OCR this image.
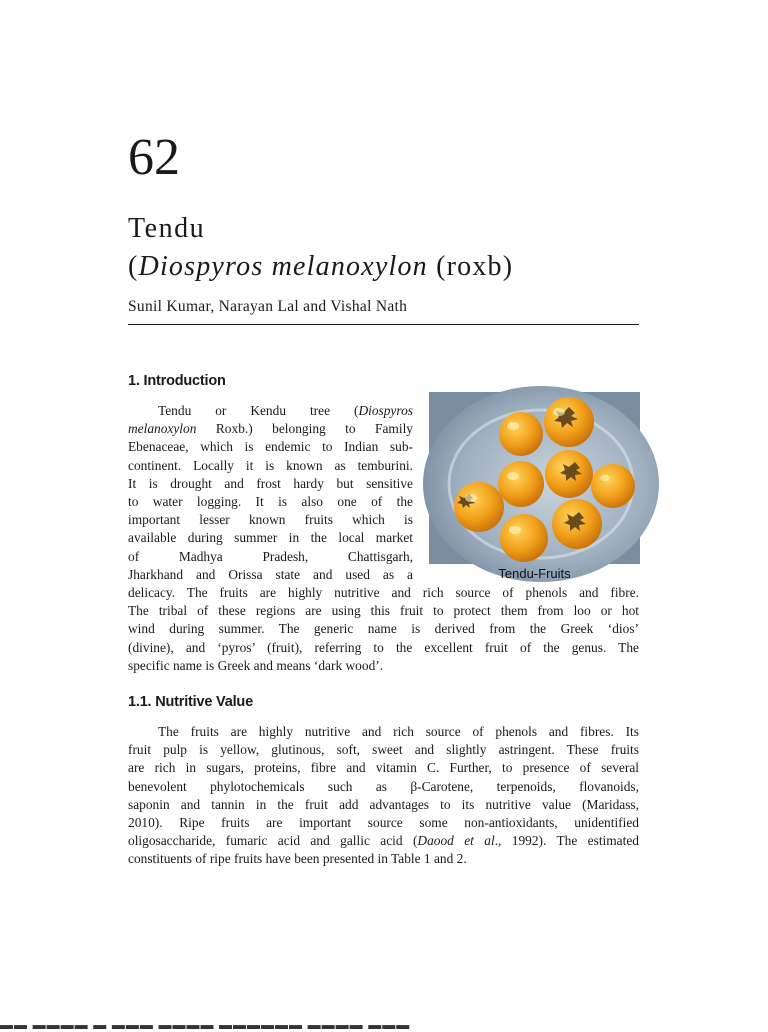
62
Tendu
(Diospyros melanoxylon (roxb)
Sunil Kumar, Narayan Lal and Vishal Nath
1. Introduction
Tendu or Kendu tree (Diospyros
melanoxylon Roxb.) belonging to Family
Ebenaceae, which is endemic to Indian sub-
continent. Locally it is known as temburini.
It is drought and frost hardy but sensitive
to water logging. It is also one of the
important lesser known fruits which is
available during summer in the local market
of Madhya Pradesh, Chattisgarh,
Jharkhand and Orissa state and used as a
delicacy. The fruits are highly nutritive and rich source of phenols and fibre.
The tribal of these regions are using this fruit to protect them from loo or hot
wind during summer. The generic name is derived from the Greek ‘dios’
(divine), and ‘pyros’ (fruit), referring to the excellent fruit of the genus. The
specific name is Greek and means ‘dark wood’.
Tendu-Fruits
1.1. Nutritive Value
The fruits are highly nutritive and rich source of phenols and fibres. Its
fruit pulp is yellow, glutinous, soft, sweet and slightly astringent. These fruits
are rich in sugars, proteins, fibre and vitamin C. Further, to presence of several
benevolent phylotochemicals such as β-Carotene, terpenoids, flovanoids,
saponin and tannin in the fruit add advantages to its nutritive value (Maridass,
2010). Ripe fruits are important source some non-antioxidants, unidentified
oligosaccharide, fumaric acid and gallic acid (Daood et al., 1992). The estimated
constituents of ripe fruits have been presented in Table 1 and 2.
▬▬ ▬▬▬▬ ▬ ▬▬▬ ▬▬▬▬ ▬▬▬▬▬▬ ▬▬▬▬ ▬▬▬
